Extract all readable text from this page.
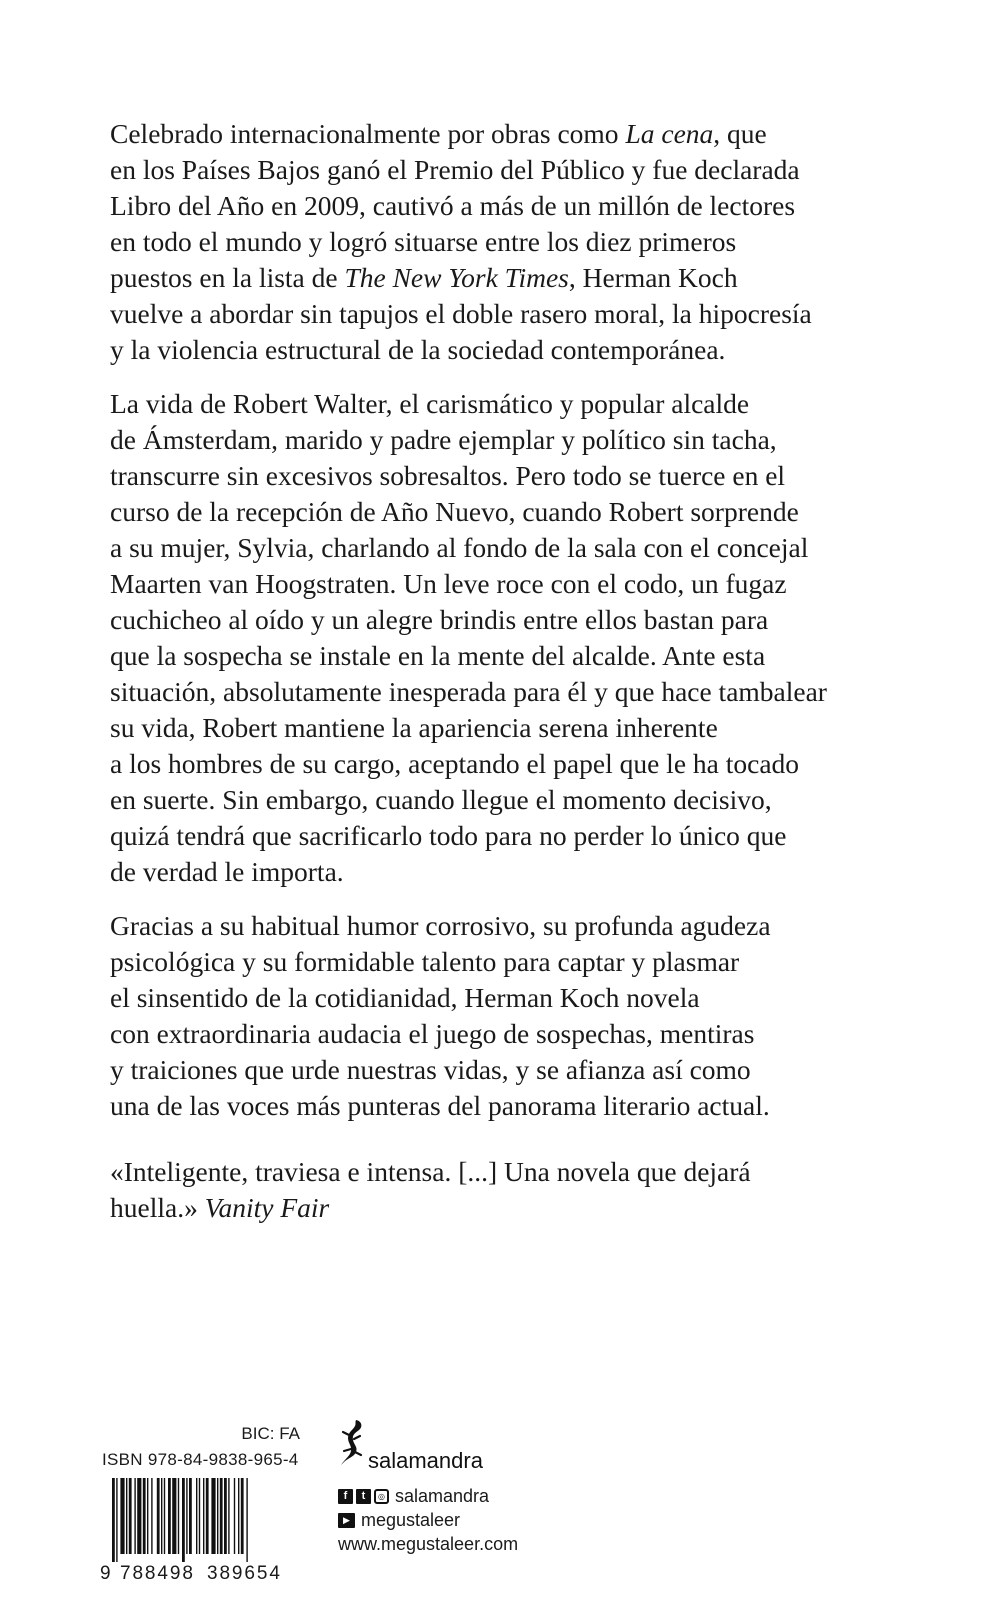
Celebrado internacionalmente por obras como La cena, que
en los Países Bajos ganó el Premio del Público y fue declarada
Libro del Año en 2009, cautivó a más de un millón de lectores
en todo el mundo y logró situarse entre los diez primeros
puestos en la lista de The New York Times, Herman Koch
vuelve a abordar sin tapujos el doble rasero moral, la hipocresía
y la violencia estructural de la sociedad contemporánea.

La vida de Robert Walter, el carismático y popular alcalde
de Ámsterdam, marido y padre ejemplar y político sin tacha,
transcurre sin excesivos sobresaltos. Pero todo se tuerce en el
curso de la recepción de Año Nuevo, cuando Robert sorprende
a su mujer, Sylvia, charlando al fondo de la sala con el concejal
Maarten van Hoogstraten. Un leve roce con el codo, un fugaz
cuchicheo al oído y un alegre brindis entre ellos bastan para
que la sospecha se instale en la mente del alcalde. Ante esta
situación, absolutamente inesperada para él y que hace tambalear
su vida, Robert mantiene la apariencia serena inherente
a los hombres de su cargo, aceptando el papel que le ha tocado
en suerte. Sin embargo, cuando llegue el momento decisivo,
quizá tendrá que sacrificarlo todo para no perder lo único que
de verdad le importa.

Gracias a su habitual humor corrosivo, su profunda agudeza
psicológica y su formidable talento para captar y plasmar
el sinsentido de la cotidianidad, Herman Koch novela
con extraordinaria audacia el juego de sospechas, mentiras
y traiciones que urde nuestras vidas, y se afianza así como
una de las voces más punteras del panorama literario actual.

«Inteligente, traviesa e intensa. [...] Una novela que dejará
huella.» Vanity Fair

BIC: FA
ISBN 978-84-9838-965-4
9 788498 389654
salamandra
f	t	◎ salamandra
▶ megustaleer
www.megustaleer.com
